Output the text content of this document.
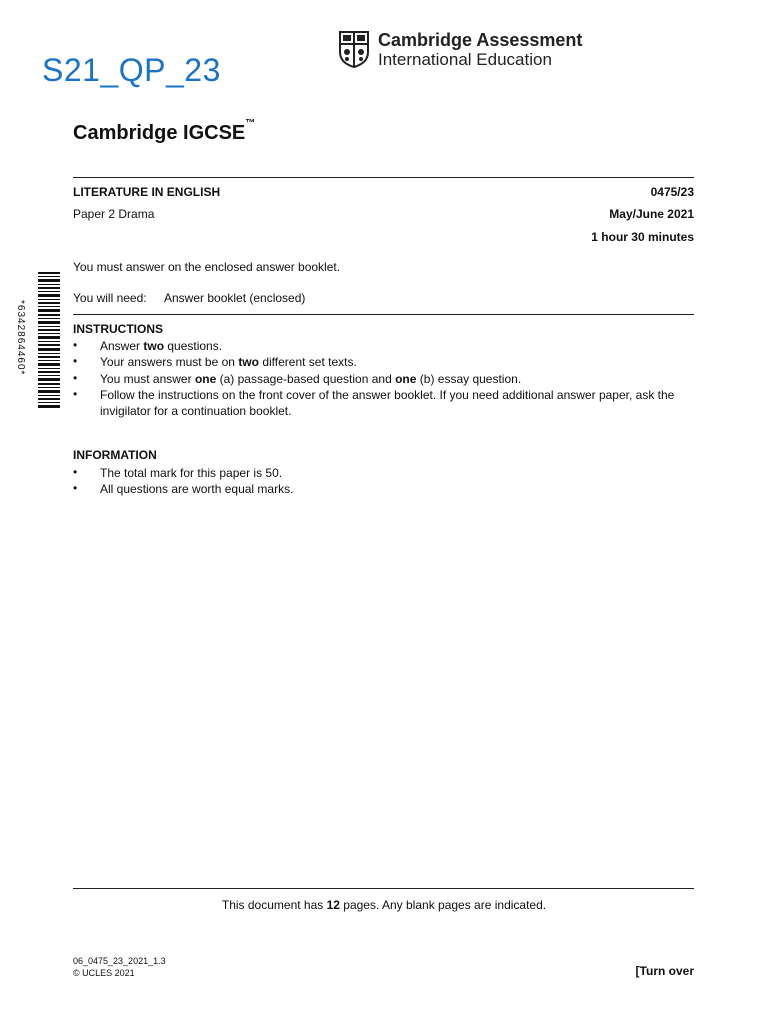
S21_QP_23
Cambridge Assessment
International Education
Cambridge IGCSE™
LITERATURE IN ENGLISH	0475/23
Paper 2 Drama	May/June 2021
1 hour 30 minutes
You must answer on the enclosed answer booklet.
You will need: Answer booklet (enclosed)
*6342864460*	INSTRUCTIONS
• Answer two questions.
• Your answers must be on two different set texts.
• You must answer one (a) passage-based question and one (b) essay question.
• Follow the instructions on the front cover of the answer booklet. If you need additional answer paper, ask the invigilator for a continuation booklet.
INFORMATION
• The total mark for this paper is 50.
• All questions are worth equal marks.
This document has 12 pages. Any blank pages are indicated.
06_0475_23_2021_1.3
© UCLES 2021	[Turn over
